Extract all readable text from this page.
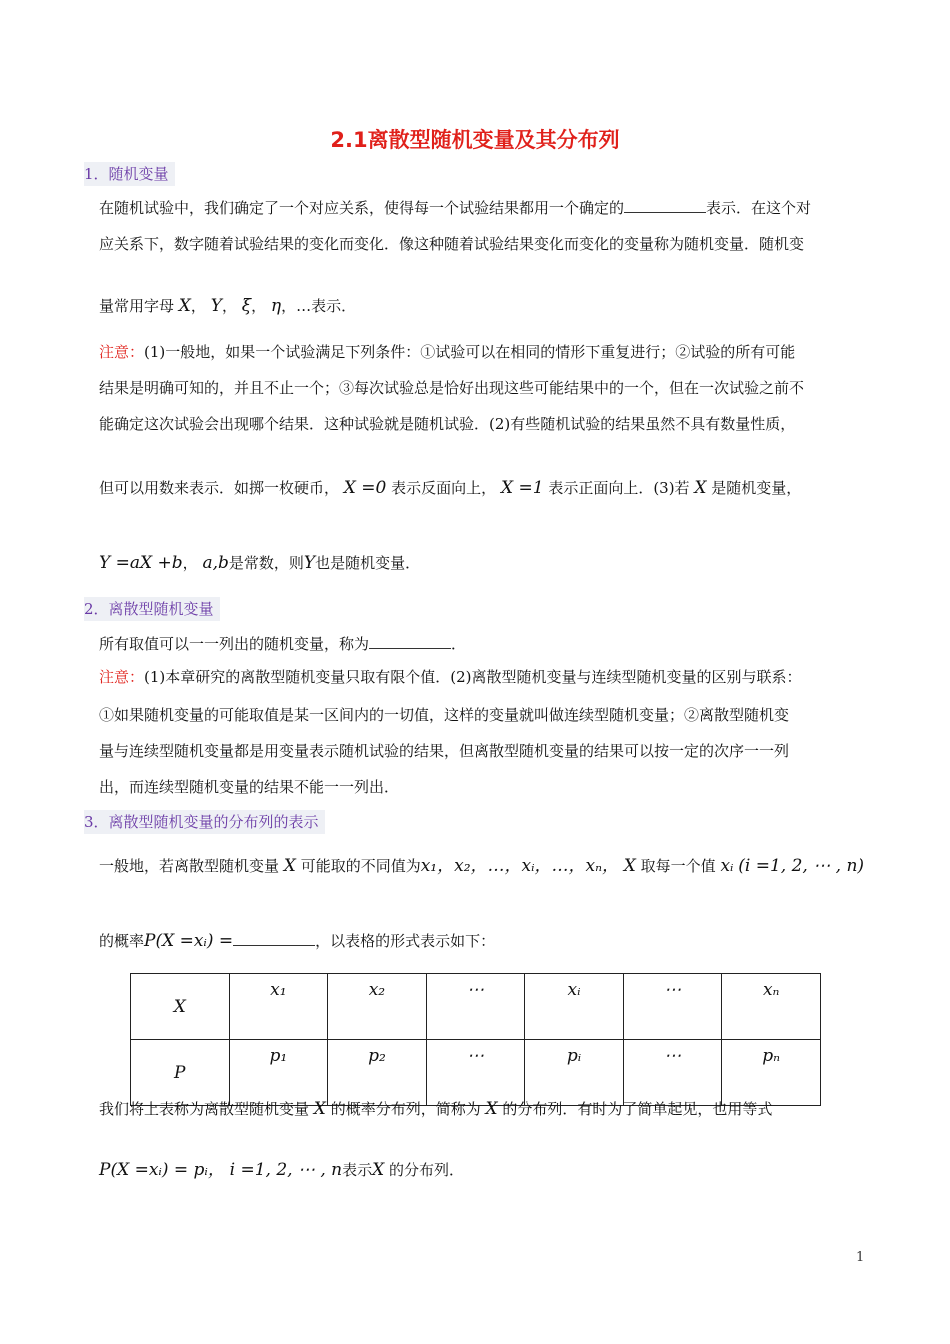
2.1离散型随机变量及其分布列
1．随机变量
在随机试验中，我们确定了一个对应关系，使得每一个试验结果都用一个确定的	表示．在这个对
应关系下，数字随着试验结果的变化而变化．像这种随着试验结果变化而变化的变量称为随机变量．随机变
量常用字母 X， Y， ξ， η，…表示．
注意：(1)一般地，如果一个试验满足下列条件：①试验可以在相同的情形下重复进行；②试验的所有可能
结果是明确可知的，并且不止一个；③每次试验总是恰好出现这些可能结果中的一个，但在一次试验之前不
能确定这次试验会出现哪个结果．这种试验就是随机试验．(2)有些随机试验的结果虽然不具有数量性质，
但可以用数来表示．如掷一枚硬币， X =0 表示反面向上， X =1 表示正面向上．(3)若 X 是随机变量，
Y =aX +b， a,b是常数，则Y也是随机变量．
2．离散型随机变量
所有取值可以一一列出的随机变量，称为	．
注意：(1)本章研究的离散型随机变量只取有限个值．(2)离散型随机变量与连续型随机变量的区别与联系：
①如果随机变量的可能取值是某一区间内的一切值，这样的变量就叫做连续型随机变量；②离散型随机变
量与连续型随机变量都是用变量表示随机试验的结果，但离散型随机变量的结果可以按一定的次序一一列
出，而连续型随机变量的结果不能一一列出．
3．离散型随机变量的分布列的表示
一般地，若离散型随机变量 X 可能取的不同值为x₁，x₂，…，xᵢ，…，xₙ， X 取每一个值 xᵢ (i =1, 2, ⋯ , n)
的概率P(X =xᵢ) =	，以表格的形式表示如下：
X	x₁	x₂	⋯	xᵢ	⋯	xₙ
P	p₁	p₂	⋯	pᵢ	⋯	pₙ
我们将上表称为离散型随机变量 X 的概率分布列，简称为 X 的分布列．有时为了简单起见，也用等式
P(X =xᵢ) = pᵢ， i =1, 2, ⋯ , n表示X 的分布列．
1
